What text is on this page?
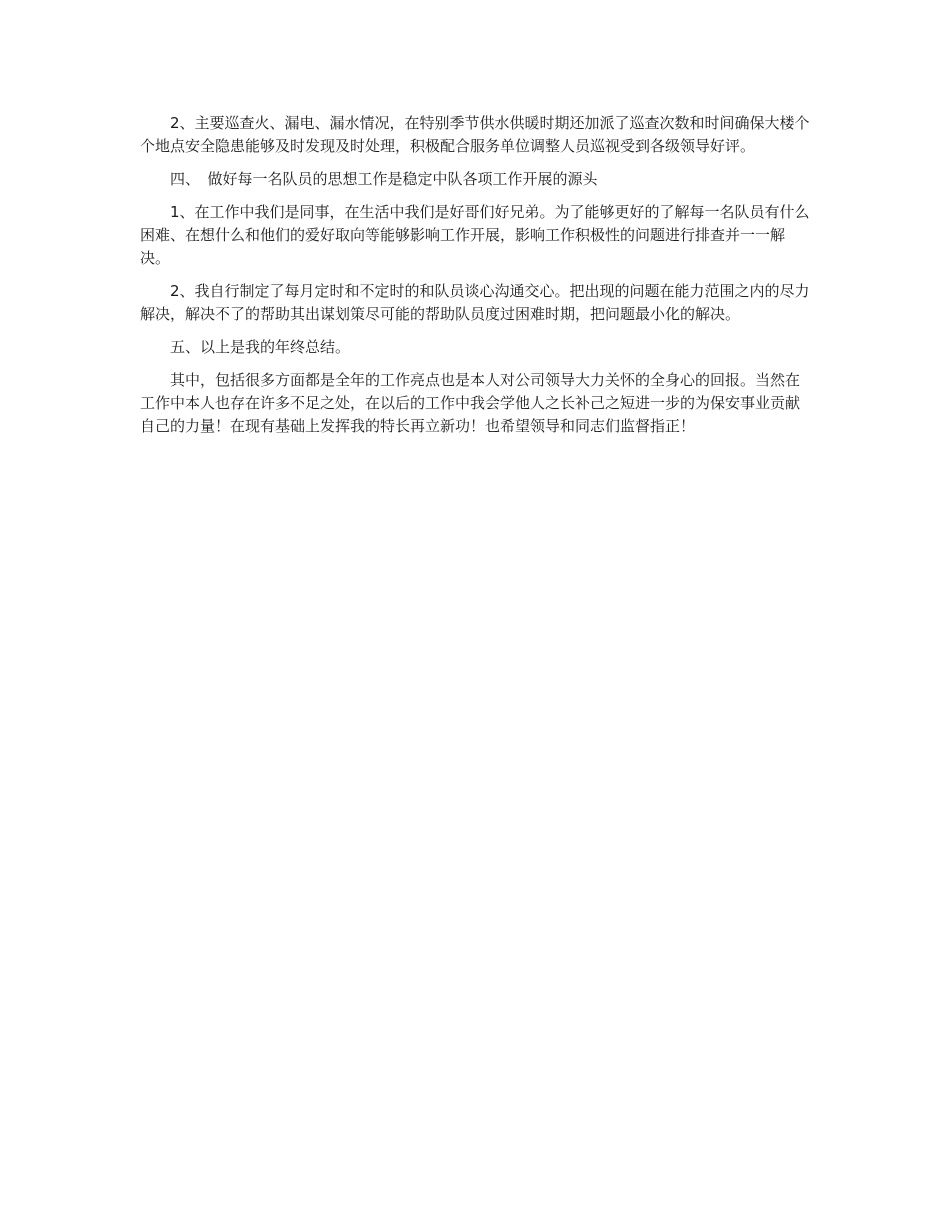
2、主要巡查火、漏电、漏水情况，在特别季节供水供暖时期还加派了巡查次数和时间确保大楼个个地点安全隐患能够及时发现及时处理，积极配合服务单位调整人员巡视受到各级领导好评。

四、　做好每一名队员的思想工作是稳定中队各项工作开展的源头

1、在工作中我们是同事，在生活中我们是好哥们好兄弟。为了能够更好的了解每一名队员有什么困难、在想什么和他们的爱好取向等能够影响工作开展，影响工作积极性的问题进行排查并一一解决。

2、我自行制定了每月定时和不定时的和队员谈心沟通交心。把出现的问题在能力范围之内的尽力解决，解决不了的帮助其出谋划策尽可能的帮助队员度过困难时期，把问题最小化的解决。

五、以上是我的年终总结。

其中，包括很多方面都是全年的工作亮点也是本人对公司领导大力关怀的全身心的回报。当然在工作中本人也存在许多不足之处，在以后的工作中我会学他人之长补己之短进一步的为保安事业贡献自己的力量！在现有基础上发挥我的特长再立新功！也希望领导和同志们监督指正！
